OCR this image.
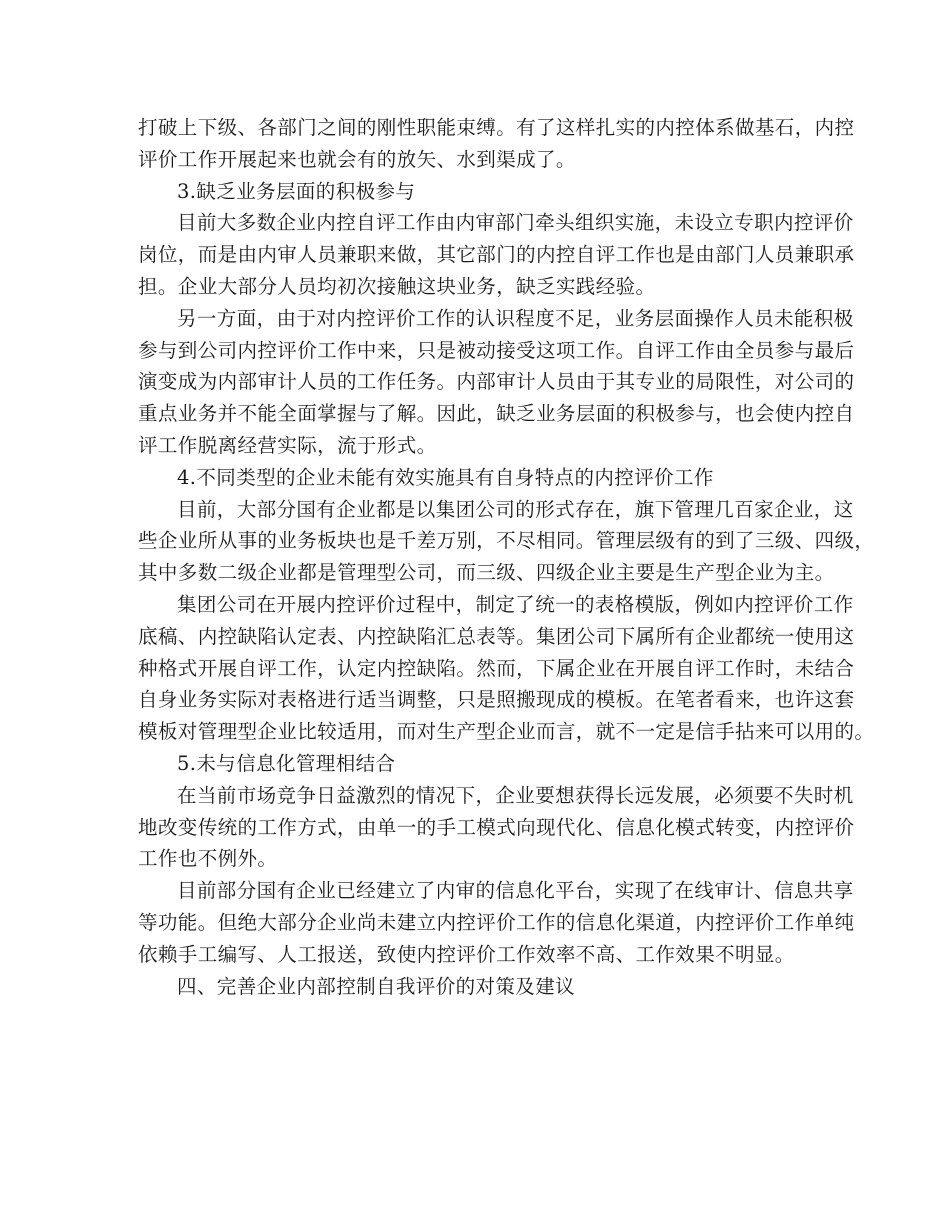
打破上下级、各部门之间的刚性职能束缚。有了这样扎实的内控体系做基石，内控
评价工作开展起来也就会有的放矢、水到渠成了。
3.缺乏业务层面的积极参与
目前大多数企业内控自评工作由内审部门牵头组织实施，未设立专职内控评价
岗位，而是由内审人员兼职来做，其它部门的内控自评工作也是由部门人员兼职承
担。企业大部分人员均初次接触这块业务，缺乏实践经验。
另一方面，由于对内控评价工作的认识程度不足，业务层面操作人员未能积极
参与到公司内控评价工作中来，只是被动接受这项工作。自评工作由全员参与最后
演变成为内部审计人员的工作任务。内部审计人员由于其专业的局限性，对公司的
重点业务并不能全面掌握与了解。因此，缺乏业务层面的积极参与，也会使内控自
评工作脱离经营实际，流于形式。
4.不同类型的企业未能有效实施具有自身特点的内控评价工作
目前，大部分国有企业都是以集团公司的形式存在，旗下管理几百家企业，这
些企业所从事的业务板块也是千差万别，不尽相同。管理层级有的到了三级、四级，
其中多数二级企业都是管理型公司，而三级、四级企业主要是生产型企业为主。
集团公司在开展内控评价过程中，制定了统一的表格模版，例如内控评价工作
底稿、内控缺陷认定表、内控缺陷汇总表等。集团公司下属所有企业都统一使用这
种格式开展自评工作，认定内控缺陷。然而，下属企业在开展自评工作时，未结合
自身业务实际对表格进行适当调整，只是照搬现成的模板。在笔者看来，也许这套
模板对管理型企业比较适用，而对生产型企业而言，就不一定是信手拈来可以用的。
5.未与信息化管理相结合
在当前市场竞争日益激烈的情况下，企业要想获得长远发展，必须要不失时机
地改变传统的工作方式，由单一的手工模式向现代化、信息化模式转变，内控评价
工作也不例外。
目前部分国有企业已经建立了内审的信息化平台，实现了在线审计、信息共享
等功能。但绝大部分企业尚未建立内控评价工作的信息化渠道，内控评价工作单纯
依赖手工编写、人工报送，致使内控评价工作效率不高、工作效果不明显。
四、完善企业内部控制自我评价的对策及建议
